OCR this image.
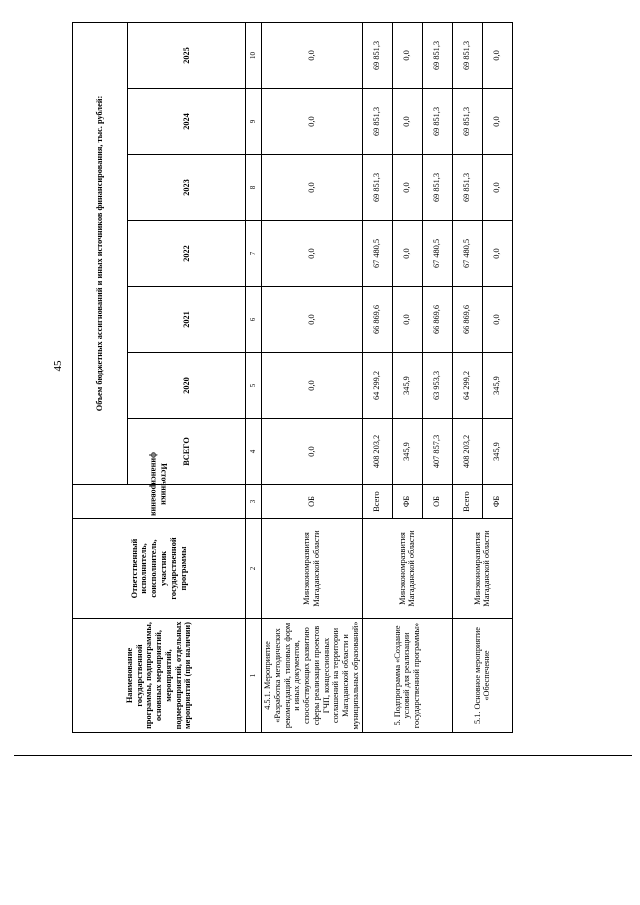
45
Наименование государственной программы, подпрограммы, основных мероприятий, мероприятий, подмероприятий, отдельных мероприятий (при наличии)	Ответственный исполнитель, соисполнитель, участник государственной программы	Источники финансирования	Объем бюджетных ассигнований и иных источников финансирования, тыс. рублей:						
			ВСЕГО	2020	2021	2022	2023	2024	2025
1	2	3	4	5	6	7	8	9	10
4.5.1. Мероприятие «Разработка методических рекомендаций, типовых форм и иных документов, способствующих развитию сферы реализации проектов ГЧП, концессионных соглашений на территории Магаданской области и муниципальных образований»	Минэкономразвития Магаданской области	ОБ	0,0	0,0	0,0	0,0	0,0	0,0	0,0
5. Подпрограмма «Создание условий для реализации государственной программы»	Минэкономразвития Магаданской области	Всего	408 203,2	64 299,2	66 869,6	67 480,5	69 851,3	69 851,3	69 851,3
		ФБ	345,9	345,9	0,0	0,0	0,0	0,0	0,0
		ОБ	407 857,3	63 953,3	66 869,6	67 480,5	69 851,3	69 851,3	69 851,3
5.1. Основное мероприятие «Обеспечение	Минэкономразвития Магаданской области	Всего	408 203,2	64 299,2	66 869,6	67 480,5	69 851,3	69 851,3	69 851,3
		ФБ	345,9	345,9	0,0	0,0	0,0	0,0	0,0
